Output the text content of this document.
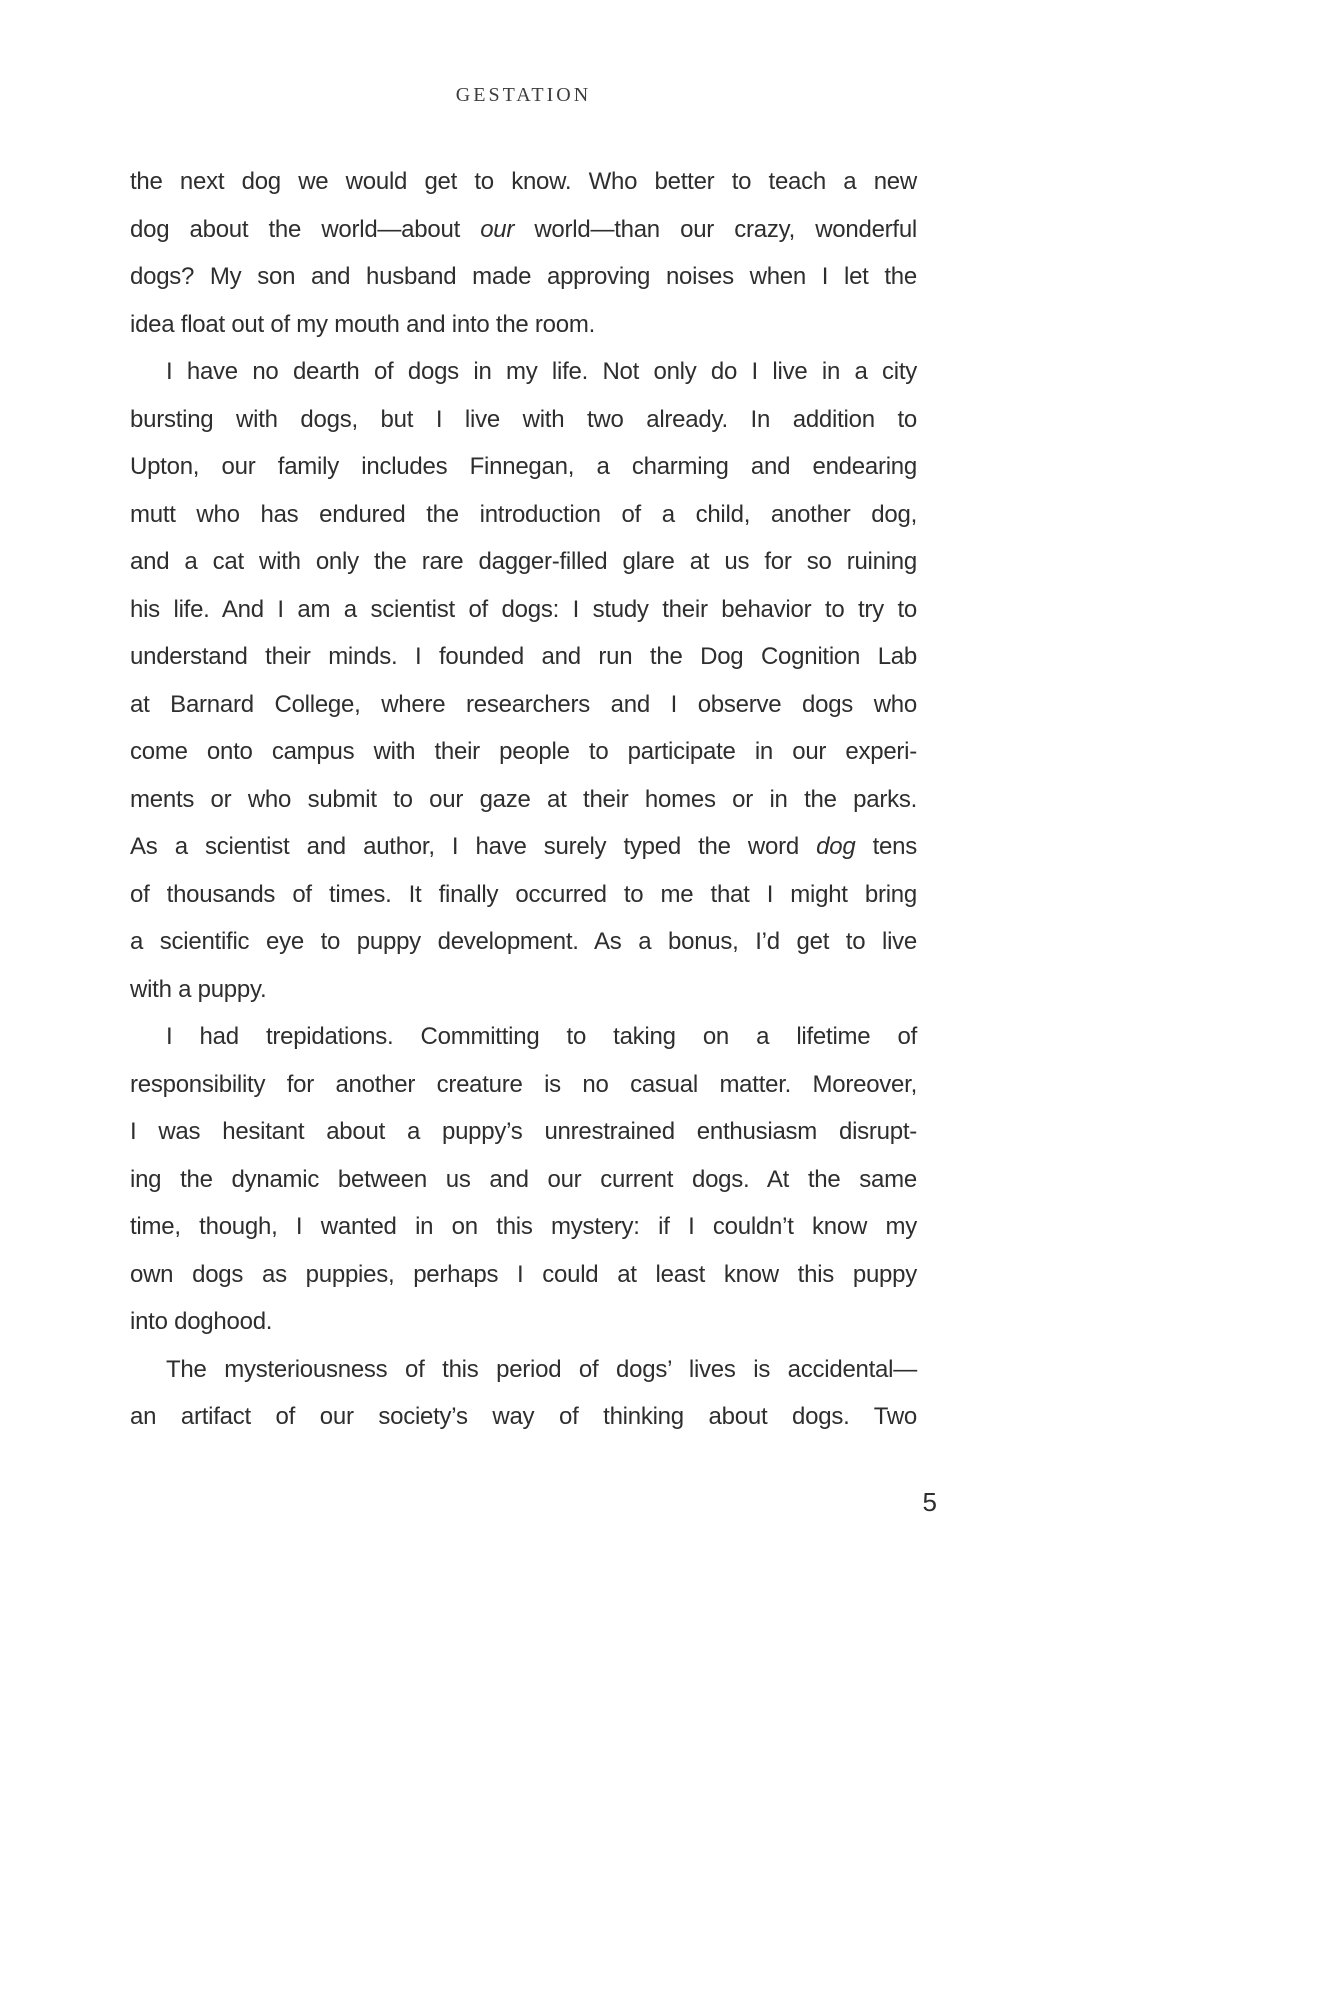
GESTATION
the next dog we would get to know. Who better to teach a new
dog about the world—about our world—than our crazy, wonderful
dogs? My son and husband made approving noises when I let the
idea float out of my mouth and into the room.
I have no dearth of dogs in my life. Not only do I live in a city
bursting with dogs, but I live with two already. In addition to
Upton, our family includes Finnegan, a charming and endearing
mutt who has endured the introduction of a child, another dog,
and a cat with only the rare dagger-filled glare at us for so ruining
his life. And I am a scientist of dogs: I study their behavior to try to
understand their minds. I founded and run the Dog Cognition Lab
at Barnard College, where researchers and I observe dogs who
come onto campus with their people to participate in our experi-
ments or who submit to our gaze at their homes or in the parks.
As a scientist and author, I have surely typed the word dog tens
of thousands of times. It finally occurred to me that I might bring
a scientific eye to puppy development. As a bonus, I’d get to live
with a puppy.
I had trepidations. Committing to taking on a lifetime of
responsibility for another creature is no casual matter. Moreover,
I was hesitant about a puppy’s unrestrained enthusiasm disrupt-
ing the dynamic between us and our current dogs. At the same
time, though, I wanted in on this mystery: if I couldn’t know my
own dogs as puppies, perhaps I could at least know this puppy
into doghood.
The mysteriousness of this period of dogs’ lives is accidental—
an artifact of our society’s way of thinking about dogs. Two
5
